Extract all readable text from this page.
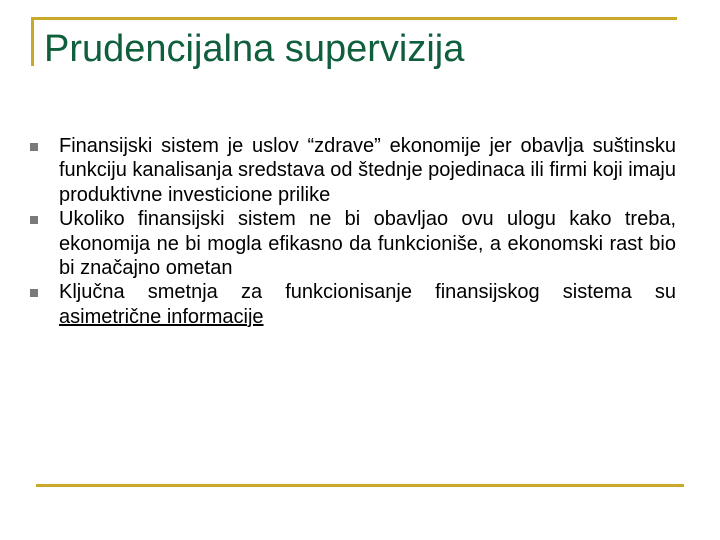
Prudencijalna supervizija
Finansijski sistem je uslov “zdrave” ekonomije jer obavlja suštinsku funkciju kanalisanja sredstava od štednje pojedinaca ili firmi koji imaju produktivne investicione prilike
Ukoliko finansijski sistem ne bi obavljao ovu ulogu kako treba, ekonomija ne bi mogla efikasno da funkcioniše, a ekonomski rast bio bi značajno ometan
Ključna smetnja za funkcionisanje finansijskog sistema su asimetrične informacije
